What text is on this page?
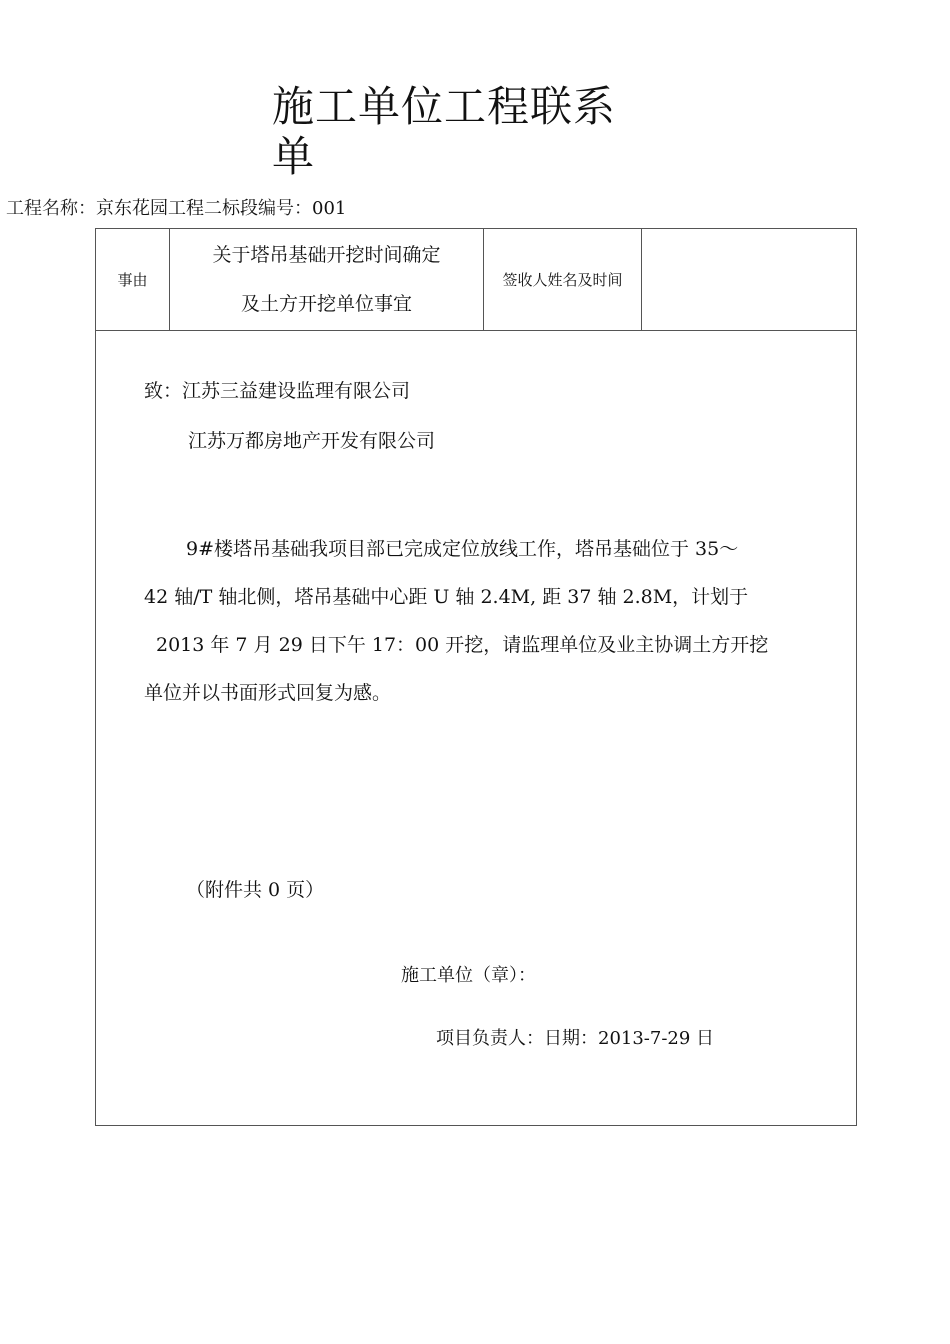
施工单位工程联系单
工程名称：京东花园工程二标段编号：001
事由
关于塔吊基础开挖时间确定
及土方开挖单位事宜
签收人姓名及时间
致：江苏三益建设监理有限公司
江苏万都房地产开发有限公司

9#楼塔吊基础我项目部已完成定位放线工作，塔吊基础位于 35〜

42 轴/T 轴北侧，塔吊基础中心距 U 轴 2.4M, 距 37 轴 2.8M，计划于

2013 年 7 月 29 日下午 17：00 开挖，请监理单位及业主协调土方开挖

单位并以书面形式回复为感。

（附件共 0 页）
施工单位（章）：
项目负责人：日期：2013-7-29 日
